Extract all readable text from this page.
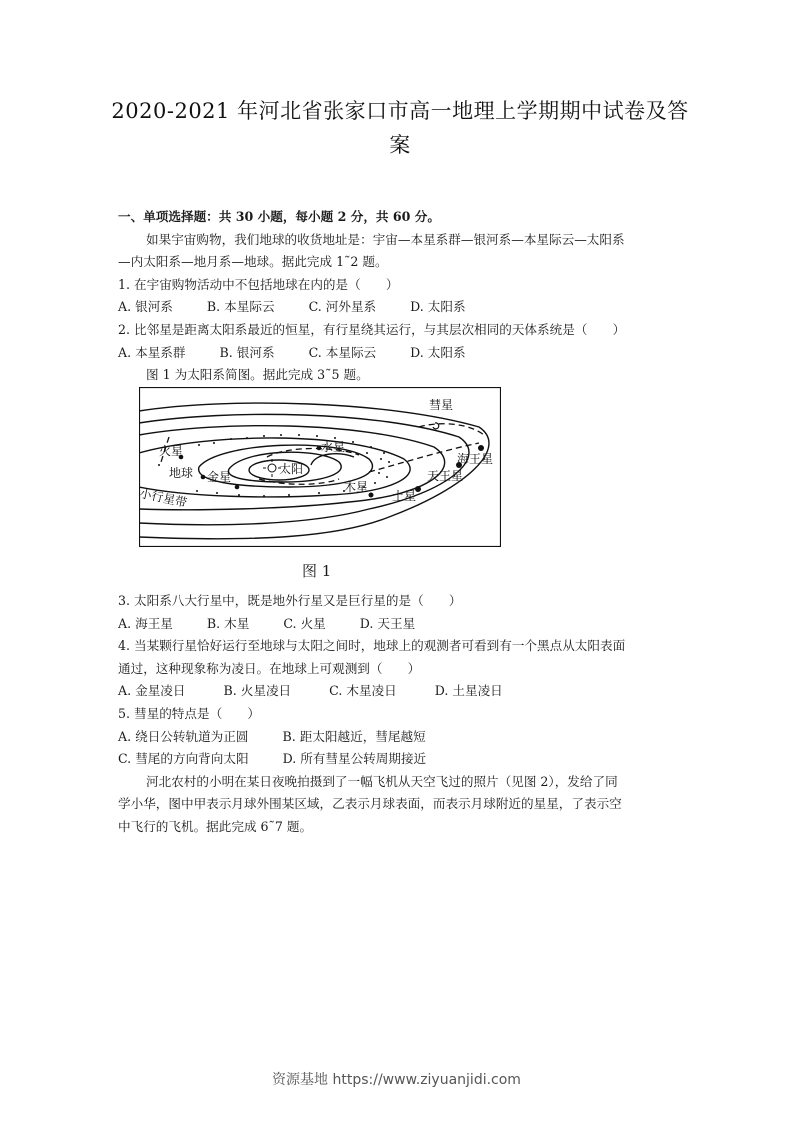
2020-2021 年河北省张家口市高一地理上学期期中试卷及答
案
一、单项选择题：共 30 小题，每小题 2 分，共 60 分。
如果宇宙购物，我们地球的收货地址是：宇宙—本星系群—银河系—本星际云—太阳系
—内太阳系—地月系—地球。据此完成 1˜2 题。
1. 在宇宙购物活动中不包括地球在内的是（　　）
A. 银河系	B. 本星际云	C. 河外星系	D. 太阳系
2. 比邻星是距离太阳系最近的恒星，有行星绕其运行，与其层次相同的天体系统是（　　）
A. 本星系群	B. 银河系	C. 本星际云	D. 太阳系
图 1 为太阳系简图。据此完成 3˜5 题。
水星
太阳
金星
地球
火星
小行星带	木星
土星
天王星
海王星
彗星
图 1
3. 太阳系八大行星中，既是地外行星又是巨行星的是（　　）
A. 海王星	B. 木星	C. 火星	D. 天王星
4. 当某颗行星恰好运行至地球与太阳之间时，地球上的观测者可看到有一个黑点从太阳表面
通过，这种现象称为凌日。在地球上可观测到（　　）
A. 金星凌日	B. 火星凌日	C. 木星凌日	D. 土星凌日
5. 彗星的特点是（　　）
A. 绕日公转轨道为正圆	B. 距太阳越近，彗尾越短
C. 彗尾的方向背向太阳	D. 所有彗星公转周期接近
河北农村的小明在某日夜晚拍摄到了一幅飞机从天空飞过的照片（见图 2），发给了同
学小华，图中甲表示月球外围某区域，乙表示月球表面，而表示月球附近的星星，了表示空
中飞行的飞机。据此完成 6˜7 题。
资源基地 https://www.ziyuanjidi.com
